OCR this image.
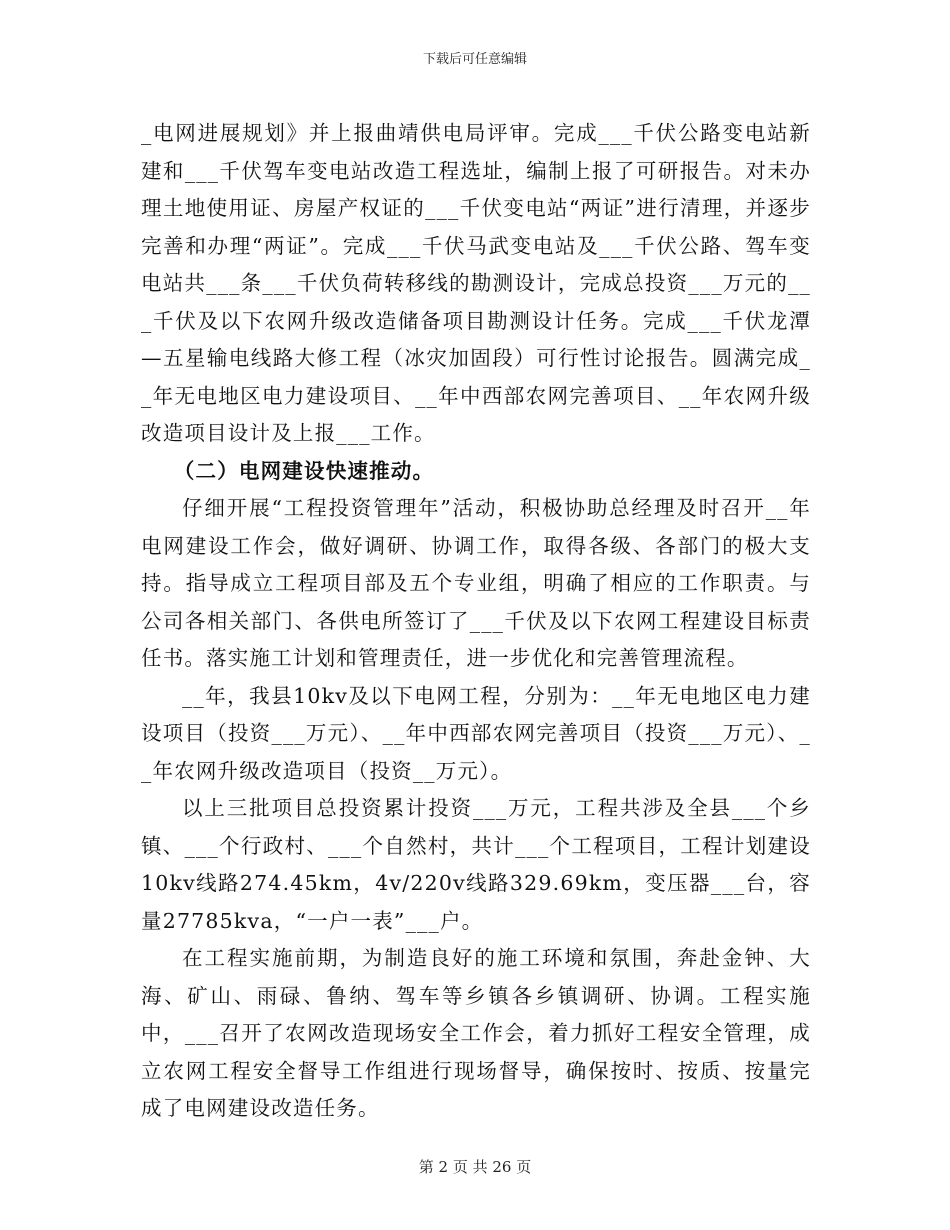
下载后可任意编辑

_电网进展规划》并上报曲靖供电局评审。完成___千伏公路变电站新建和___千伏驾车变电站改造工程选址，编制上报了可研报告。对未办理土地使用证、房屋产权证的___千伏变电站“两证”进行清理，并逐步完善和办理“两证”。完成___千伏马武变电站及___千伏公路、驾车变电站共___条___千伏负荷转移线的勘测设计，完成总投资___万元的___千伏及以下农网升级改造储备项目勘测设计任务。完成___千伏龙潭—五星输电线路大修工程（冰灾加固段）可行性讨论报告。圆满完成__年无电地区电力建设项目、__年中西部农网完善项目、__年农网升级改造项目设计及上报___工作。

（二）电网建设快速推动。

仔细开展“工程投资管理年”活动，积极协助总经理及时召开__年电网建设工作会，做好调研、协调工作，取得各级、各部门的极大支持。指导成立工程项目部及五个专业组，明确了相应的工作职责。与公司各相关部门、各供电所签订了___千伏及以下农网工程建设目标责任书。落实施工计划和管理责任，进一步优化和完善管理流程。

__年，我县10kv及以下电网工程，分别为：__年无电地区电力建设项目（投资___万元）、__年中西部农网完善项目（投资___万元）、__年农网升级改造项目（投资__万元）。

以上三批项目总投资累计投资___万元，工程共涉及全县___个乡镇、___个行政村、___个自然村，共计___个工程项目，工程计划建设10kv线路274.45km，4v/220v线路329.69km，变压器___台，容量27785kva，“一户一表”___户。

在工程实施前期，为制造良好的施工环境和氛围，奔赴金钟、大海、矿山、雨碌、鲁纳、驾车等乡镇各乡镇调研、协调。工程实施中，___召开了农网改造现场安全工作会，着力抓好工程安全管理，成立农网工程安全督导工作组进行现场督导，确保按时、按质、按量完成了电网建设改造任务。

第 2 页 共 26 页
